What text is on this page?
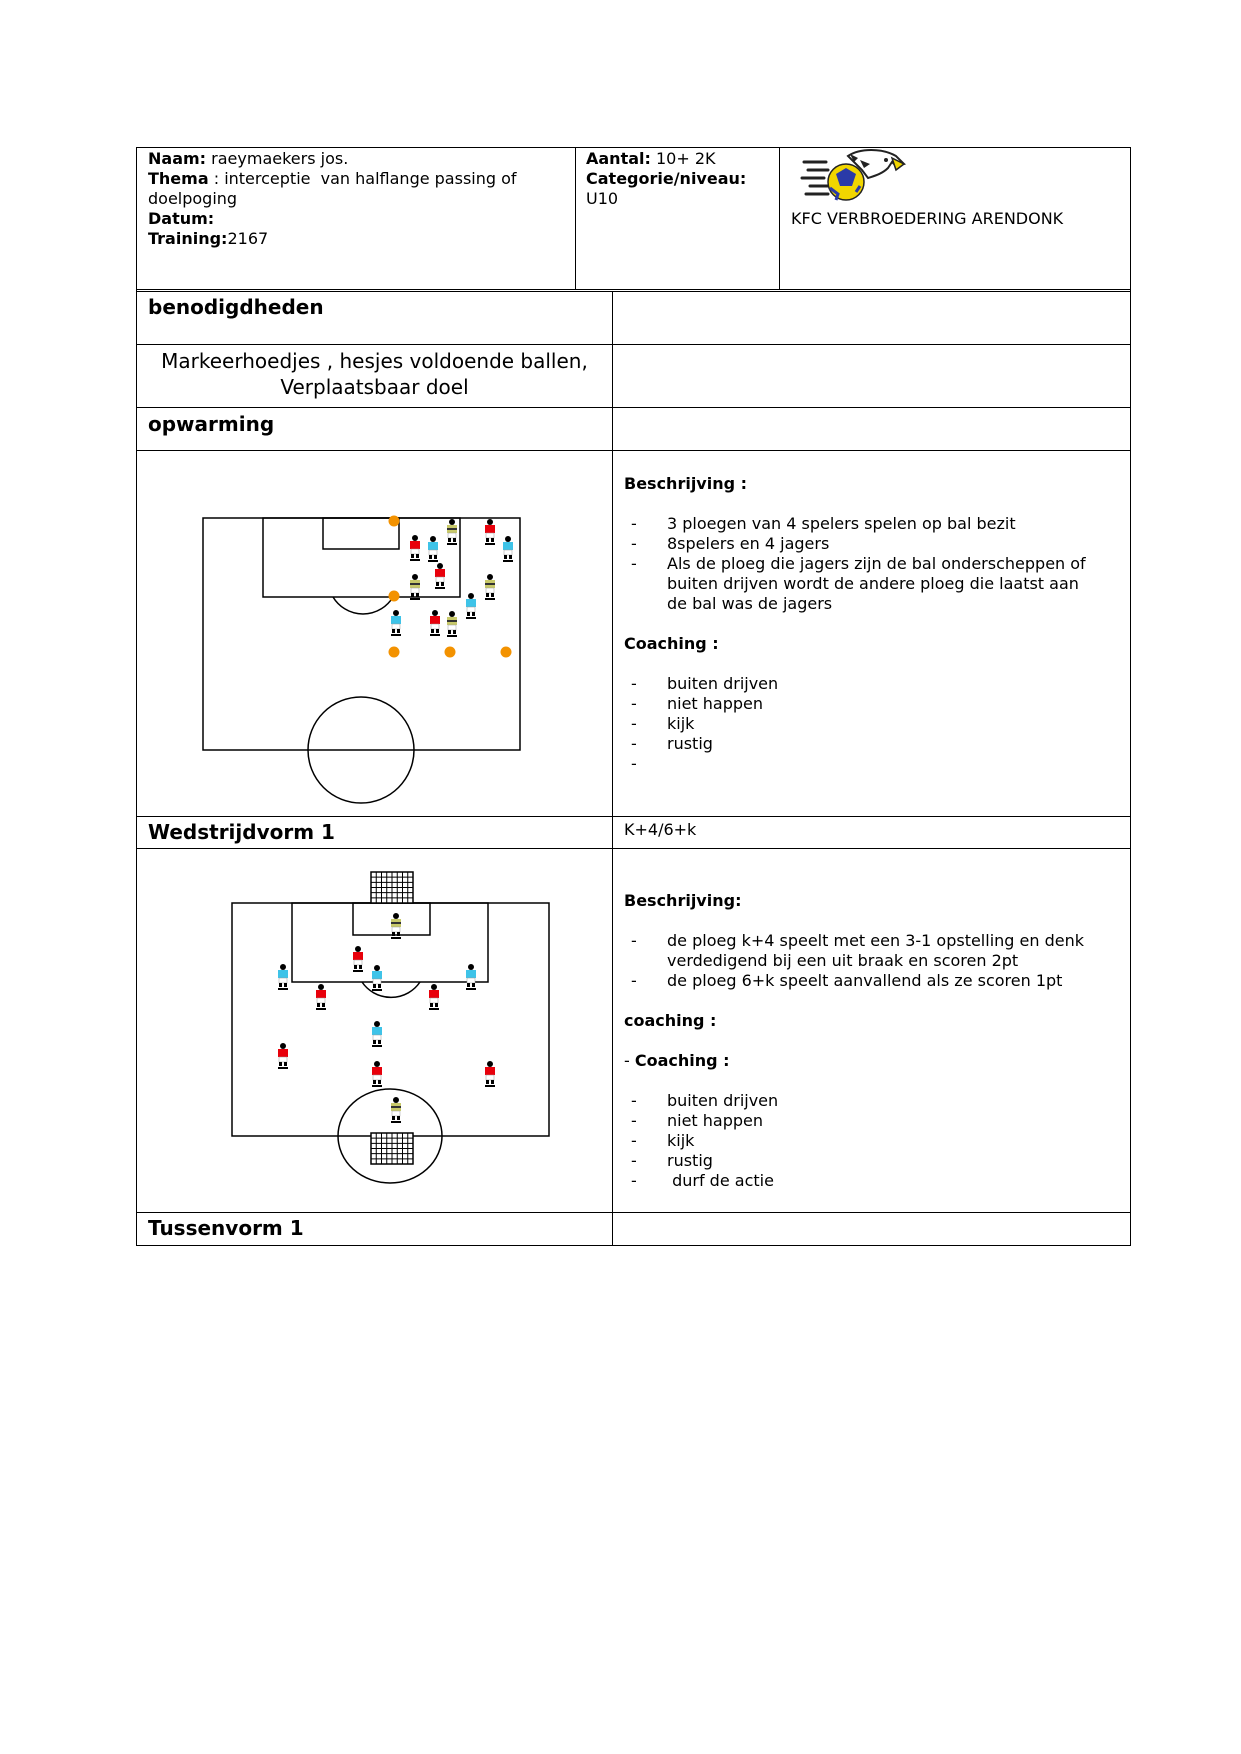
Naam: raeymaekers jos.
Thema : interceptie  van halflange passing of
doelpoging
Datum:
Training:2167
Aantal: 10+ 2K
Categorie/niveau:
U10
KFC VERBROEDERING ARENDONK
benodigdheden
Markeerhoedjes , hesjes voldoende ballen,
Verplaatsbaar doel
opwarming
Beschrijving :
- 3 ploegen van 4 spelers spelen op bal bezit
- 8spelers en 4 jagers
- Als de ploeg die jagers zijn de bal onderscheppen of
buiten drijven wordt de andere ploeg die laatst aan
de bal was de jagers
Coaching :
- buiten drijven
- niet happen
- kijk
- rustig
-
Wedstrijdvorm 1	K+4/6+k
Beschrijving:
- de ploeg k+4 speelt met een 3-1 opstelling en denk
verdedigend bij een uit braak en scoren 2pt
- de ploeg 6+k speelt aanvallend als ze scoren 1pt
coaching :
- Coaching :
- buiten drijven
- niet happen
- kijk
- rustig
- durf de actie
Tussenvorm 1
